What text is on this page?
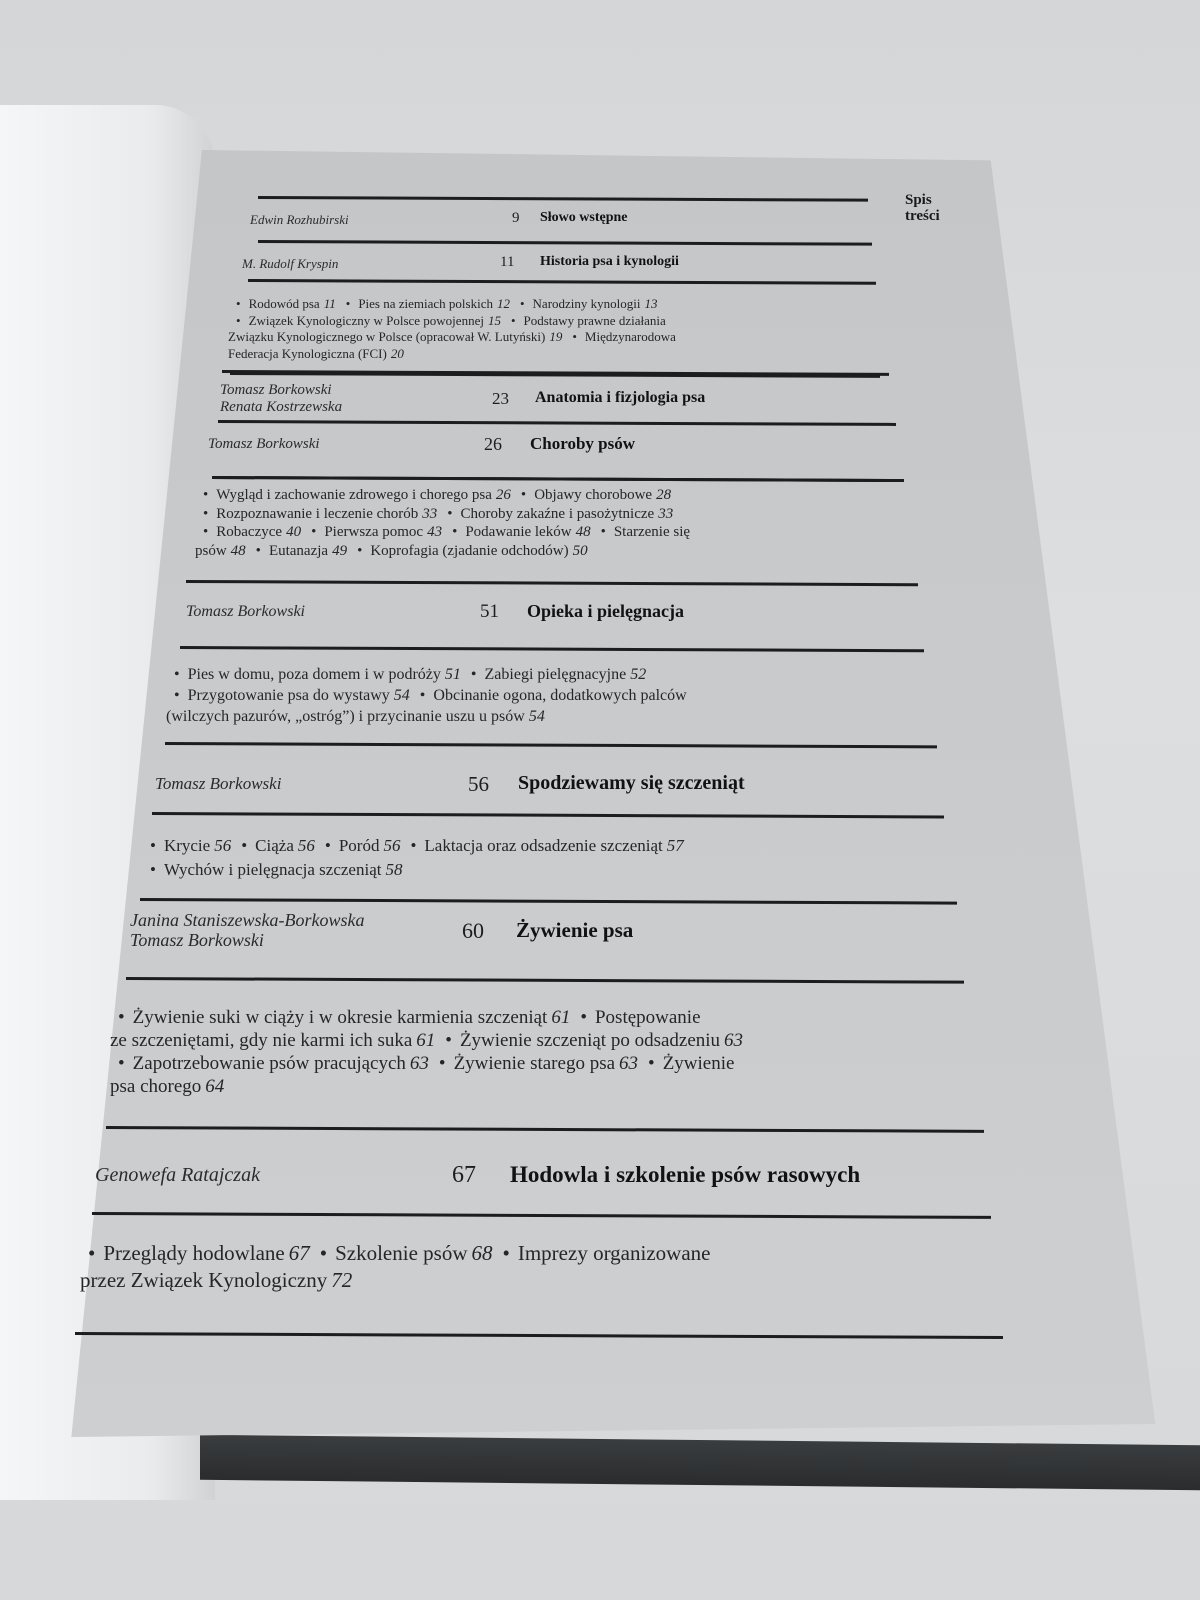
Spis
treści
Edwin Rozhubirski	9 Słowo wstępne
M. Rudolf Kryspin	11 Historia psa i kynologii
• Rodowód psa 11 • Pies na ziemiach polskich 12 • Narodziny kynologii 13
• Związek Kynologiczny w Polsce powojennej 15 • Podstawy prawne działania
Związku Kynologicznego w Polsce (opracował W. Lutyński) 19 • Międzynarodowa
Federacja Kynologiczna (FCI) 20
Tomasz Borkowski
Renata Kostrzewska	23 Anatomia i fizjologia psa
Tomasz Borkowski	26 Choroby psów
• Wygląd i zachowanie zdrowego i chorego psa 26 • Objawy chorobowe 28
• Rozpoznawanie i leczenie chorób 33 • Choroby zakaźne i pasożytnicze 33
• Robaczyce 40 • Pierwsza pomoc 43 • Podawanie leków 48 • Starzenie się
psów 48 • Eutanazja 49 • Koprofagia (zjadanie odchodów) 50
Tomasz Borkowski	51 Opieka i pielęgnacja
• Pies w domu, poza domem i w podróży 51 • Zabiegi pielęgnacyjne 52
• Przygotowanie psa do wystawy 54 • Obcinanie ogona, dodatkowych palców
(wilczych pazurów, „ostróg”) i przycinanie uszu u psów 54
Tomasz Borkowski	56 Spodziewamy się szczeniąt
• Krycie 56 • Ciąża 56 • Poród 56 • Laktacja oraz odsadzenie szczeniąt 57
• Wychów i pielęgnacja szczeniąt 58
Janina Staniszewska-Borkowska
Tomasz Borkowski	60 Żywienie psa
• Żywienie suki w ciąży i w okresie karmienia szczeniąt 61 • Postępowanie
ze szczeniętami, gdy nie karmi ich suka 61 • Żywienie szczeniąt po odsadzeniu 63
• Zapotrzebowanie psów pracujących 63 • Żywienie starego psa 63 • Żywienie
psa chorego 64
Genowefa Ratajczak	67 Hodowla i szkolenie psów rasowych
• Przeglądy hodowlane 67 • Szkolenie psów 68 • Imprezy organizowane
przez Związek Kynologiczny 72
